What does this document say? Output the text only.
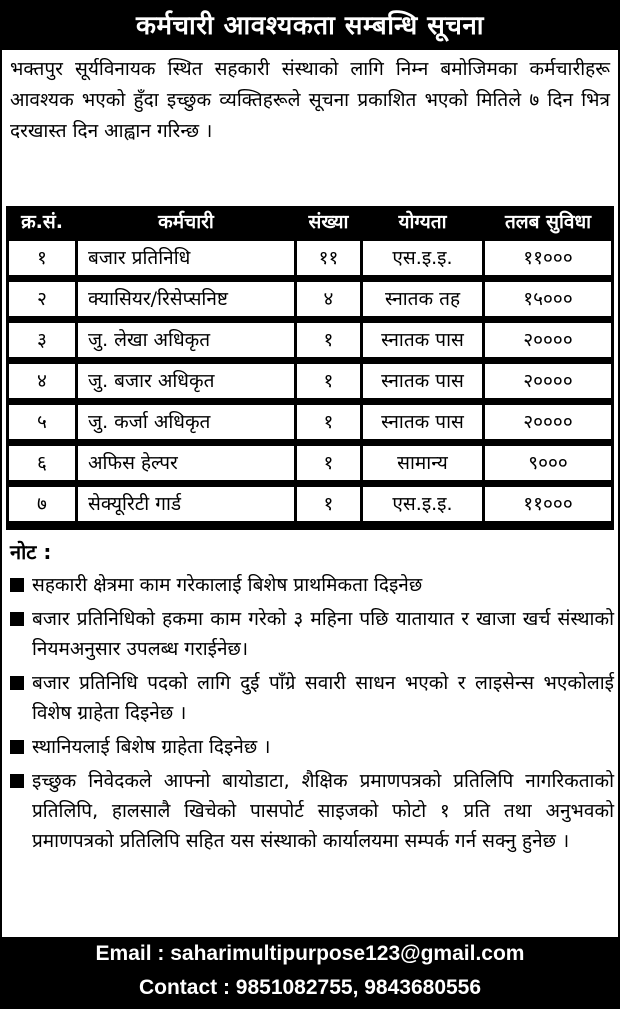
कर्मचारी आवश्यकता सम्बन्धि सूचना
भक्तपुर सूर्यविनायक स्थित सहकारी संस्थाको लागि निम्न बमोजिमका कर्मचारीहरू आवश्यक भएको हुँदा इच्छुक व्यक्तिहरूले सूचना प्रकाशित भएको मितिले ७ दिन भित्र दरखास्त दिन आह्वान गरिन्छ ।
क्र.सं.	कर्मचारी	संख्या	योग्यता	तलब सुविधा
१	बजार प्रतिनिधि	११	एस.इ.इ.	११०००
२	क्यासियर/रिसेप्सनिष्ट	४	स्नातक तह	१५०००
३	जु. लेखा अधिकृत	१	स्नातक पास	२००००
४	जु. बजार अधिकृत	१	स्नातक पास	२००००
५	जु. कर्जा अधिकृत	१	स्नातक पास	२००००
६	अफिस हेल्पर	१	सामान्य	९०००
७	सेक्यूरिटी गार्ड	१	एस.इ.इ.	११०००
नोट :
सहकारी क्षेत्रमा काम गरेकालाई बिशेष प्राथमिकता दिइनेछ
बजार प्रतिनिधिको हकमा काम गरेको ३ महिना पछि यातायात र खाजा खर्च संस्थाको नियमअनुसार उपलब्ध गराईनेछ।
बजार प्रतिनिधि पदको लागि दुई पाँग्रे सवारी साधन भएको र लाइसेन्स भएकोलाई विशेष ग्राहेता दिइनेछ ।
स्थानियलाई बिशेष ग्राहेता दिइनेछ ।
इच्छुक निवेदकले आफ्नो बायोडाटा, शैक्षिक प्रमाणपत्रको प्रतिलिपि नागरिकताको प्रतिलिपि, हालसालै खिचेको पासपोर्ट साइजको फोटो १ प्रति तथा अनुभवको प्रमाणपत्रको प्रतिलिपि सहित यस संस्थाको कार्यालयमा सम्पर्क गर्न सक्नु हुनेछ ।
Email : saharimultipurpose123@gmail.com
Contact : 9851082755, 9843680556
